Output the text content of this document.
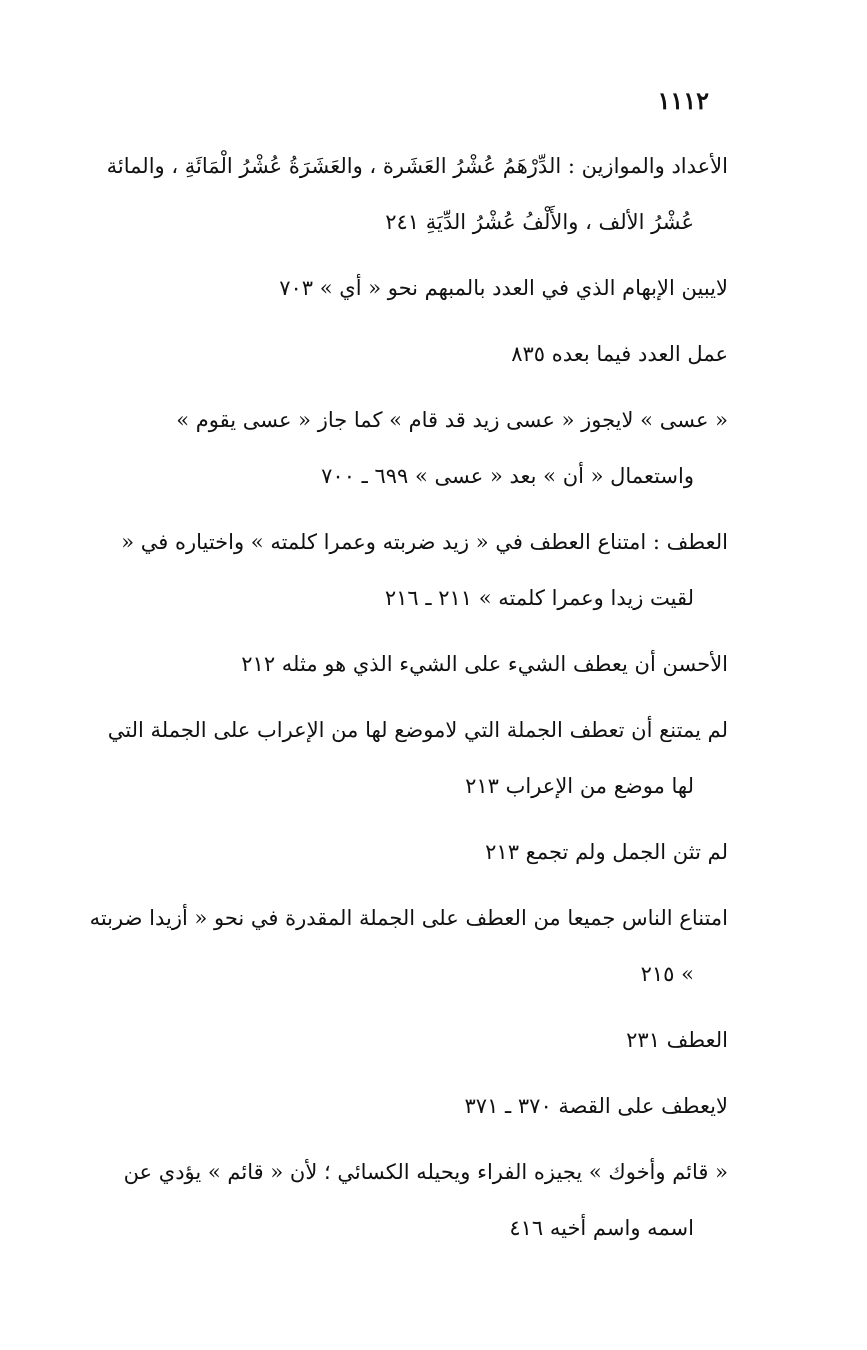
١١١٢

الأعداد والموازين : الدِّرْهَمُ عُشْرُ العَشَرة ، والعَشَرَةُ عُشْرُ الْمَائَةِ ، والمائة عُشْرُ الألف ، والأَلْفُ عُشْرُ الدِّيَةِ ٢٤١

لايبين الإبهام الذي في العدد بالمبهم نحو « أي » ٧٠٣

عمل العدد فيما بعده ٨٣٥

« عسى » لايجوز « عسى زيد قد قام » كما جاز « عسى يقوم » واستعمال « أن » بعد « عسى » ٦٩٩ ـ ٧٠٠

العطف : امتناع العطف في « زيد ضربته وعمرا كلمته » واختياره في « لقيت زيدا وعمرا كلمته » ٢١١ ـ ٢١٦

الأحسن أن يعطف الشيء على الشيء الذي هو مثله ٢١٢

لم يمتنع أن تعطف الجملة التي لاموضع لها من الإعراب على الجملة التي لها موضع من الإعراب ٢١٣

لم تثن الجمل ولم تجمع ٢١٣

امتناع الناس جميعا من العطف على الجملة المقدرة في نحو « أزيدا ضربته » ٢١٥

العطف ٢٣١

لايعطف على القصة ٣٧٠ ـ ٣٧١

« قائم وأخوك » يجيزه الفراء ويحيله الكسائي ؛ لأن « قائم » يؤدي عن اسمه واسم أخيه ٤١٦
